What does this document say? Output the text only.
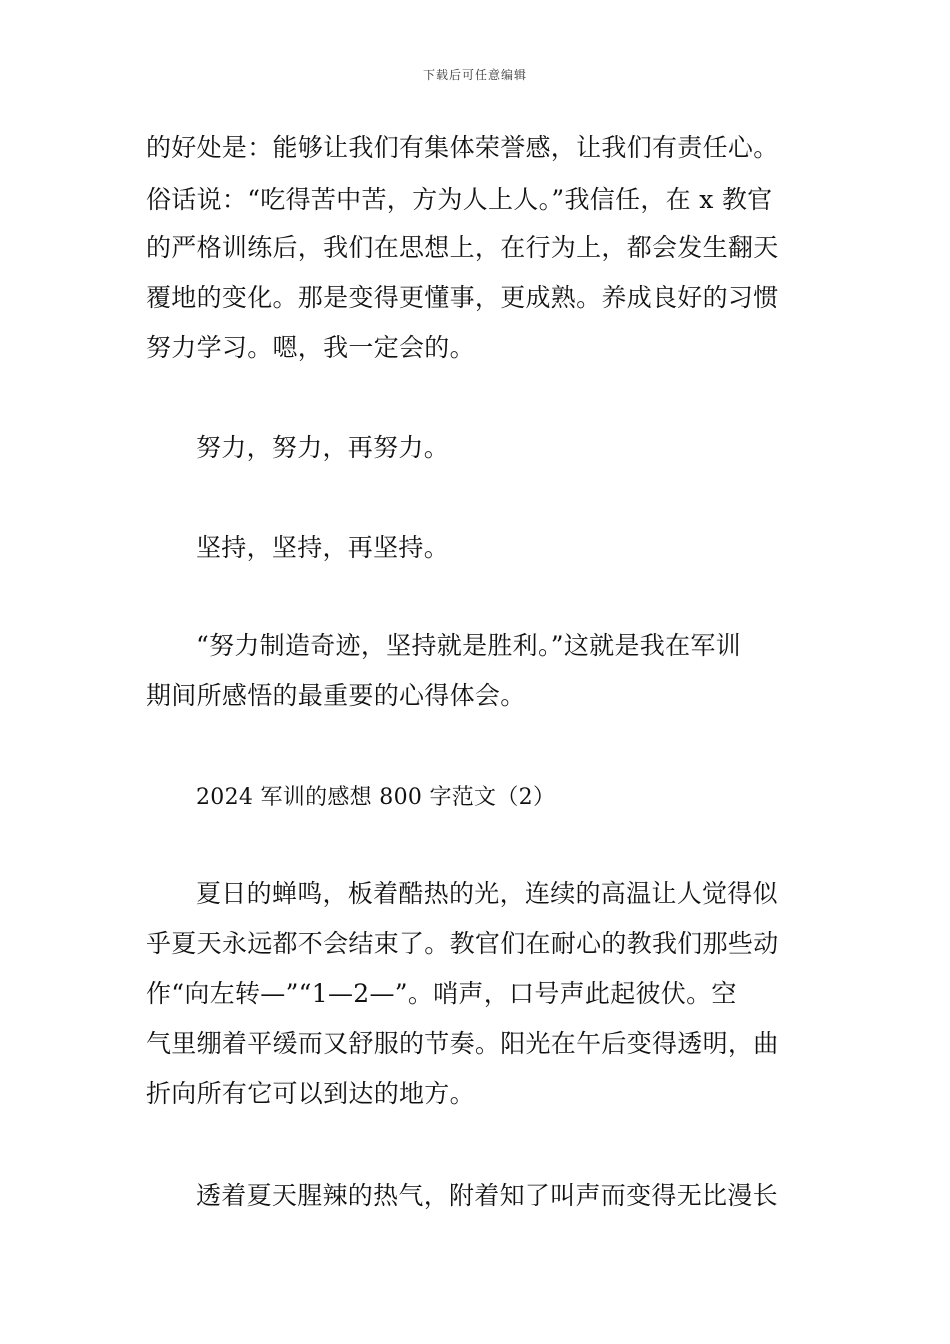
下载后可任意编辑
的好处是：能够让我们有集体荣誉感，让我们有责任心。
俗话说：“吃得苦中苦，方为人上人。”我信任，在 x 教官
的严格训练后，我们在思想上，在行为上，都会发生翻天
覆地的变化。那是变得更懂事，更成熟。养成良好的习惯
努力学习。嗯，我一定会的。
努力，努力，再努力。
坚持，坚持，再坚持。
“努力制造奇迹，坚持就是胜利。”这就是我在军训
期间所感悟的最重要的心得体会。
2024 军训的感想 800 字范文（2）
夏日的蝉鸣，板着酷热的光，连续的高温让人觉得似
乎夏天永远都不会结束了。教官们在耐心的教我们那些动
作“向左转—”“1—2—”。哨声，口号声此起彼伏。空
气里绷着平缓而又舒服的节奏。阳光在午后变得透明，曲
折向所有它可以到达的地方。
透着夏天腥辣的热气，附着知了叫声而变得无比漫长
